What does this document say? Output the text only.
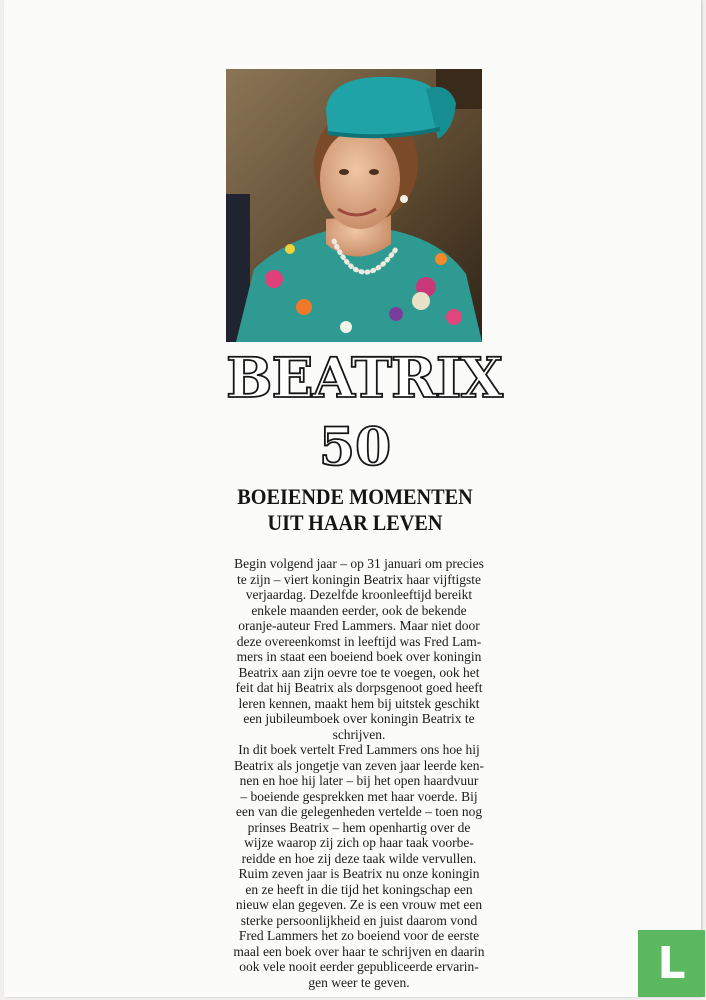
BEATRIX
50
BOEIENDE MOMENTEN
UIT HAAR LEVEN
Begin volgend jaar – op 31 januari om precies
te zijn – viert koningin Beatrix haar vijftigste
verjaardag. Dezelfde kroonleeftijd bereikt
enkele maanden eerder, ook de bekende
oranje-auteur Fred Lammers. Maar niet door
deze overeenkomst in leeftijd was Fred Lam-
mers in staat een boeiend boek over koningin
Beatrix aan zijn oevre toe te voegen, ook het
feit dat hij Beatrix als dorpsgenoot goed heeft
leren kennen, maakt hem bij uitstek geschikt
een jubileumboek over koningin Beatrix te
schrijven.
In dit boek vertelt Fred Lammers ons hoe hij
Beatrix als jongetje van zeven jaar leerde ken-
nen en hoe hij later – bij het open haardvuur
– boeiende gesprekken met haar voerde. Bij
een van die gelegenheden vertelde – toen nog
prinses Beatrix – hem openhartig over de
wijze waarop zij zich op haar taak voorbe-
reidde en hoe zij deze taak wilde vervullen.
Ruim zeven jaar is Beatrix nu onze koningin
en ze heeft in die tijd het koningschap een
nieuw elan gegeven. Ze is een vrouw met een
sterke persoonlijkheid en juist daarom vond
Fred Lammers het zo boeiend voor de eerste
maal een boek over haar te schrijven en daarin
ook vele nooit eerder gepubliceerde ervarin-
gen weer te geven.	L
